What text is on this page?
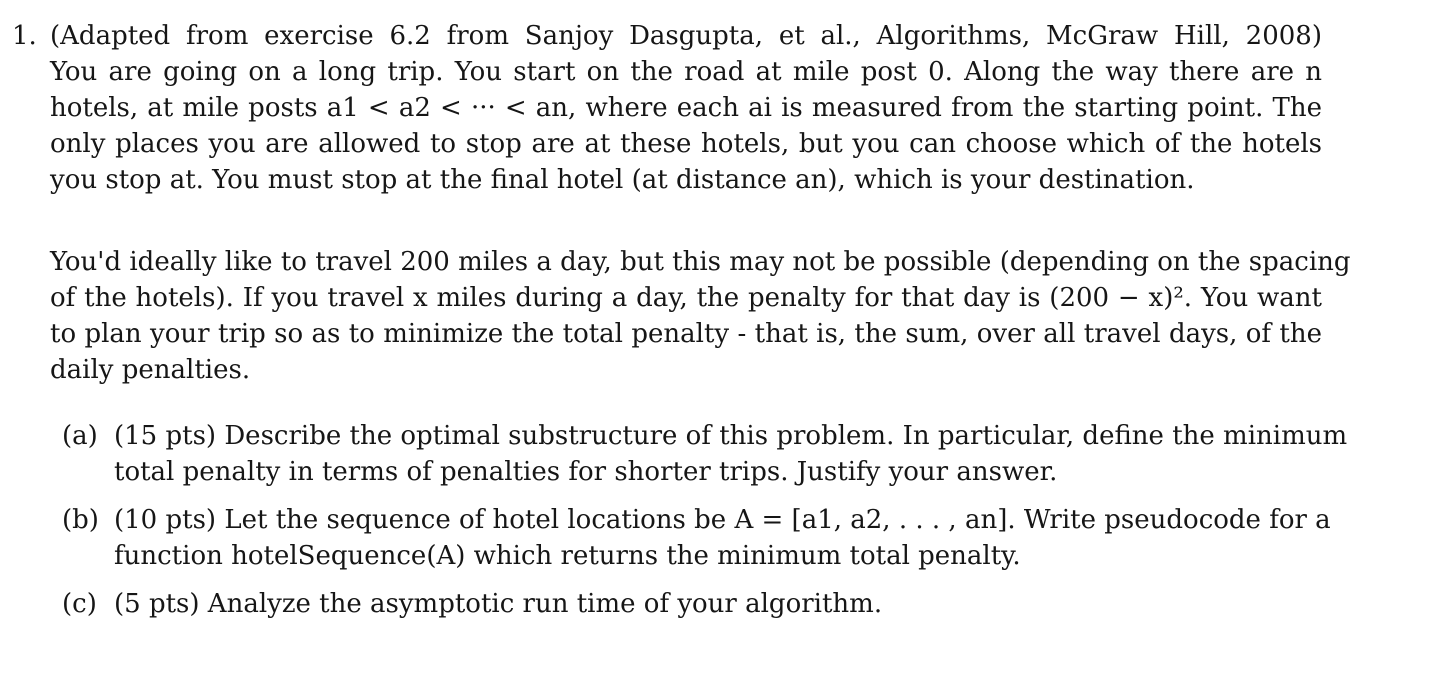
1. (Adapted from exercise 6.2 from Sanjoy Dasgupta, et al., Algorithms, McGraw Hill, 2008)
You are going on a long trip. You start on the road at mile post 0. Along the way there are n
hotels, at mile posts a1 < a2 < ··· < an, where each ai is measured from the starting point. The
only places you are allowed to stop are at these hotels, but you can choose which of the hotels
you stop at. You must stop at the final hotel (at distance an), which is your destination.
You'd ideally like to travel 200 miles a day, but this may not be possible (depending on the spacing
of the hotels). If you travel x miles during a day, the penalty for that day is (200 − x)². You want
to plan your trip so as to minimize the total penalty - that is, the sum, over all travel days, of the
daily penalties.
(a) (15 pts) Describe the optimal substructure of this problem. In particular, define the minimum
total penalty in terms of penalties for shorter trips. Justify your answer.
(b) (10 pts) Let the sequence of hotel locations be A = [a1, a2, . . . , an]. Write pseudocode for a
function hotelSequence(A) which returns the minimum total penalty.
(c) (5 pts) Analyze the asymptotic run time of your algorithm.
